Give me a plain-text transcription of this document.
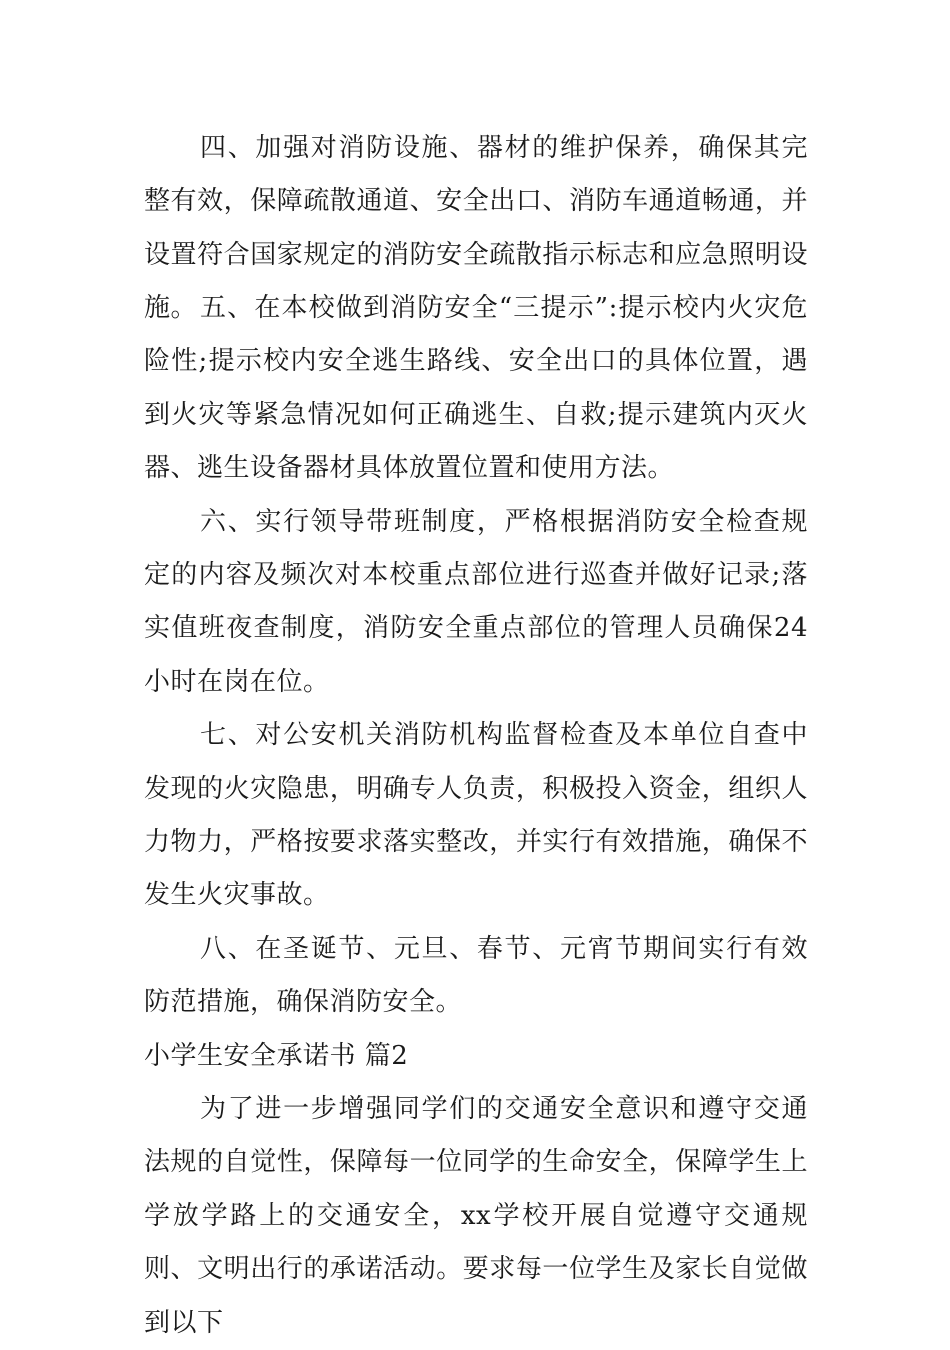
四、加强对消防设施、器材的维护保养，确保其完整有效，保障疏散通道、安全出口、消防车通道畅通，并设置符合国家规定的消防安全疏散指示标志和应急照明设施。 五、在本校做到消防安全“三提示”:提示校内火灾危险性;提示校内安全逃生路线、安全出口的具体位置，遇到火灾等紧急情况如何正确逃生、自救;提示建筑内灭火器、逃生设备器材具体放置位置和使用方法。

六、实行领导带班制度，严格根据消防安全检查规定的内容及频次对本校重点部位进行巡查并做好记录;落实值班夜查制度，消防安全重点部位的管理人员确保24小时在岗在位。

七、对公安机关消防机构监督检查及本单位自查中发现的火灾隐患，明确专人负责，积极投入资金，组织人力物力，严格按要求落实整改，并实行有效措施，确保不发生火灾事故。

八、在圣诞节、元旦、春节、元宵节期间实行有效防范措施，确保消防安全。

小学生安全承诺书 篇2

为了进一步增强同学们的交通安全意识和遵守交通法规的自觉性，保障每一位同学的生命安全，保障学生上学放学路上的交通安全，xx学校开展自觉遵守交通规则、文明出行的承诺活动。要求每一位学生及家长自觉做到以下
